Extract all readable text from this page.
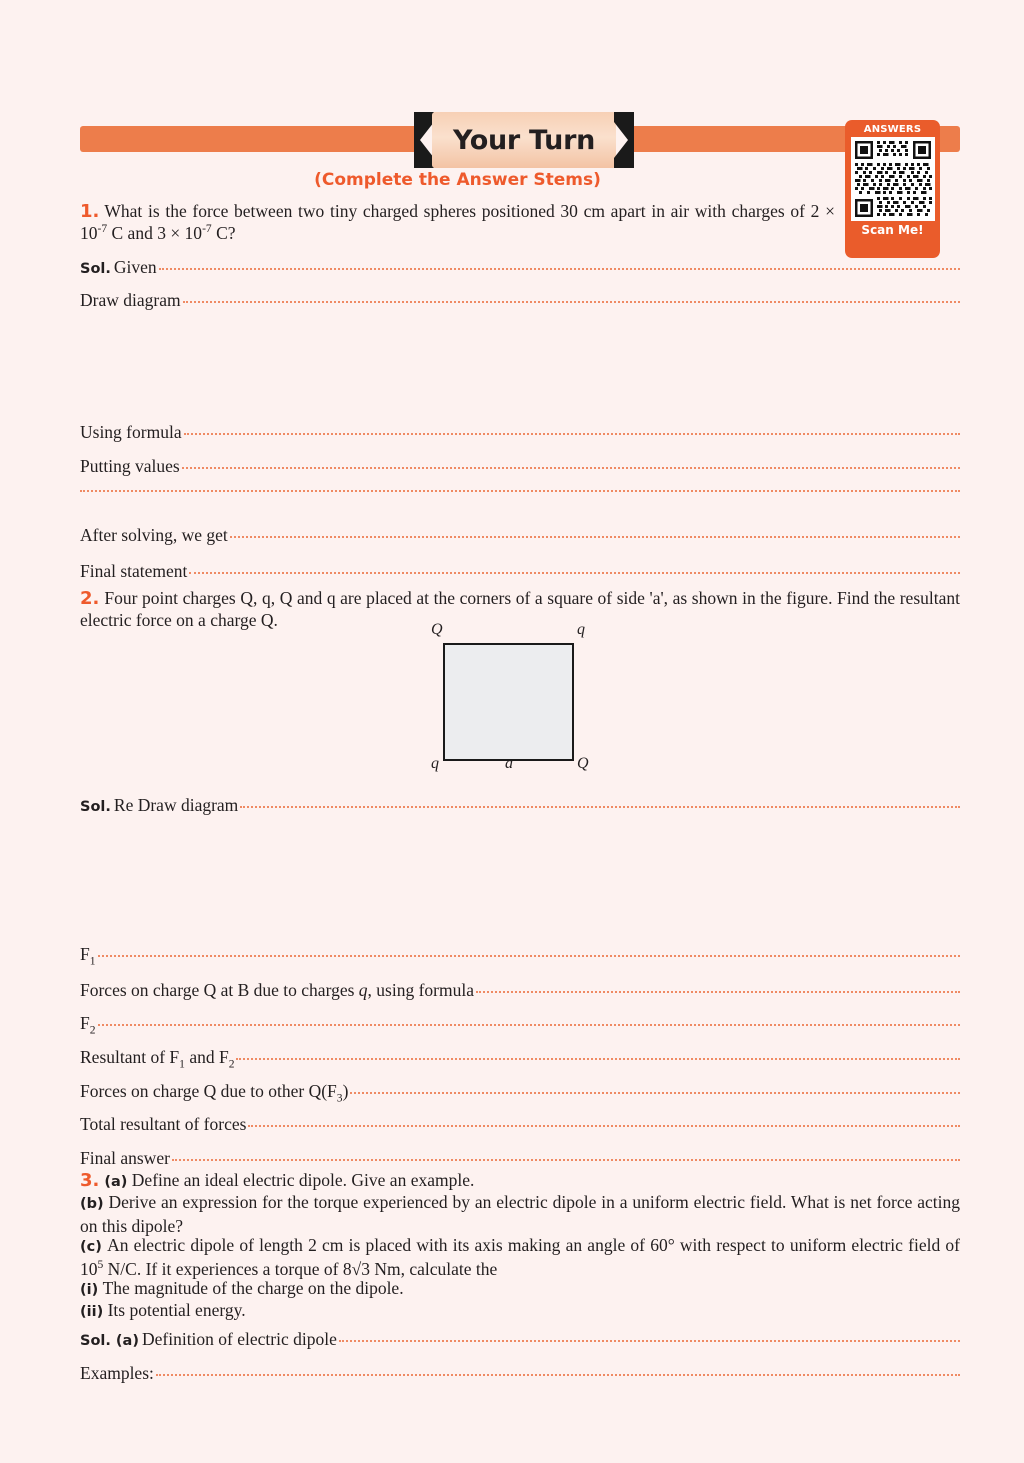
Your Turn	ANSWERS
Scan Me!
(Complete the Answer Stems)
1. What is the force between two tiny charged spheres positioned 30 cm apart in air with charges of $2 \times 10^{-7}$ C and $3 \times 10^{-7}$ C?
Sol. Given
Draw diagram
Using formula
Putting values
After solving, we get
Final statement
2. Four point charges Q, q, Q and q are placed at the corners of a square of side 'a', as shown in the figure. Find the resultant electric force on a charge Q.	Q	q
q	Q
a
Sol. Re Draw diagram
$F_1$
Forces on charge Q at B due to charges q, using formula
$F_2$
Resultant of $F_1$ and $F_2$
Forces on charge Q due to other $Q(F_3)$
Total resultant of forces
Final answer
3. (a) Define an ideal electric dipole. Give an example.
(b) Derive an expression for the torque experienced by an electric dipole in a uniform electric field. What is net force acting on this dipole?
(c) An electric dipole of length 2 cm is placed with its axis making an angle of 60° with respect to uniform electric field of $10^5$ N/C. If it experiences a torque of 8√3 Nm, calculate the
(i) The magnitude of the charge on the dipole.
(ii) Its potential energy.
Sol. (a) Definition of electric dipole
Examples:
